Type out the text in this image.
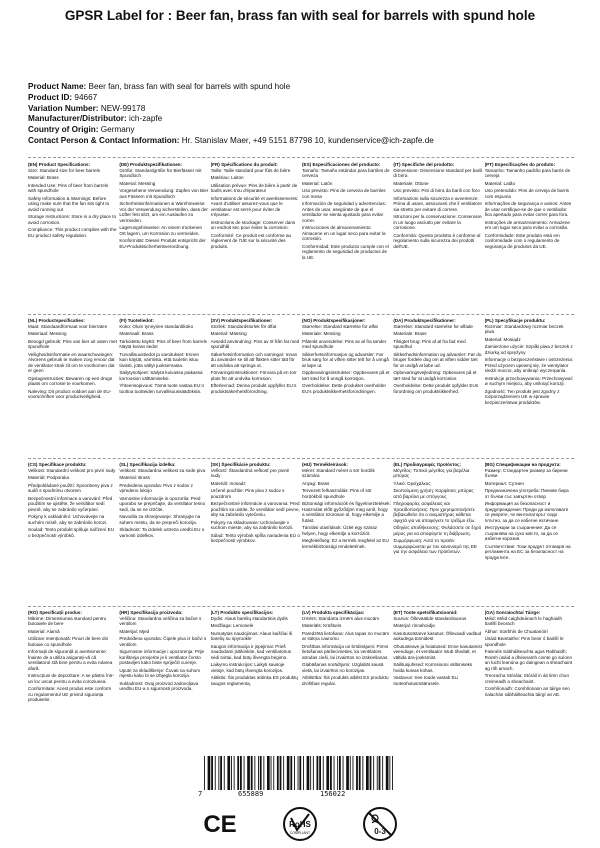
GPSR Label for : Beer fan, brass fan with seal for barrels with spund hole
Product Name: Beer fan, brass fan with seal for barrels with spund hole
Product ID: 94667
Variation Number: NEW-99178
Manufacturer/Distributor: ich-zapfe
Country of Origin: Germany
Contact Person & Contact Information: Hr. Stanislav Maer, +49 5151 87798 10, kundenservice@ich-zapfe.de
(EN) Product Specifications:

Size: Standard size for beer barrels

Material: Brass

Intended Use: Pins of beer from barrels with spundhole

Safety Information & Warnings: Before using make sure that the fan sits tight to avoid running out

Storage Instructions: Store in a dry place to avoid corrosion.

Compliance: This product complies with the EU product safety regulation.

(DE) Produktspezifikationen:

Größe: Standardgröße für Bierfässer mit Spundloch

Material: Messing

Vorgesehene Verwendung: Zapfen von Bier aus Fässern mit Spundloch

Sicherheitsinformationen & Warnhinweise: Vor der Verwendung sicherstellen, dass der Lüfter fest sitzt, um ein Auslaufen zu vermeiden.

Lagerungshinweise: An einem trockenen Ort lagern, um Korrosion zu vermeiden.

Konformität: Dieses Produkt entspricht der EU-Produktsicherheitsverordnung.

(FR) Spécifications du produit:

Taille: Taille standard pour fûts de bière

Matériau: Laiton

Utilisation prévue: Pins de bière à partir de barils avec trou d'épurateur

Informations de sécurité et avertissements: Avant d'utiliser assurez-vous que le ventilateur est serré pour éviter de s'épuiser.

Instructions de stockage: Conserver dans un endroit sec pour éviter la corrosion.

Conformité: Ce produit est conforme au règlement de l'UE sur la sécurité des produits.

(ES) Especificaciones del producto:

Tamaño: Tamaño estándar para barriles de cerveza

Material: Latón

Uso previsto: Pins de cerveza de barriles con mesa

Información de seguridad y advertencias: Antes de usar, asegúrate de que el ventilador se sienta ajustado para evitar correr.

Instrucciones de almacenamiento: Almacene en un lugar seco para evitar la corrosión.

Conformidad: Este producto cumple con el reglamento de seguridad de productos de la UE.

(IT) Specifiche del prodotto:

Dimensione: Dimensione standard per barili di birra

Materiale: Ottone

Uso previsto: Pini di birra da barili con foro

Informazioni sulla sicurezza e avvertenze: Prima di usare, assicurarsi che il ventilatore sia stretto per evitare di correre.

Istruzioni per la conservazione: Conservare in un luogo asciutto per evitare la corrosione.

Conformità: Questo prodotto è conforme al regolamento sulla sicurezza dei prodotti dell'UE.

(PT) Especificações do produto:

Tamanho: Tamanho padrão para barris de cerveja

Material: Latão

Uso pretendido: Pins de cerveja de barris com espuma

Informações de segurança e avisos: Antes de usar certifique-se de que o ventilador fica apertado para evitar correr para fora.

Instruções de armazenamento: Armazene em um lugar seco para evitar a corrosão.

Conformidade: Este produto está em conformidade com o regulamento de segurança de produtos da UE.

(NL) Productspecificaties:

Maat: Standaardformaat voor bierraten

Materiaal: Messing

Beoogd gebruik: Pins van bier uit vaten met spundhole

Veiligheidsinformatie en waarschuwingen: Alvorens gebruik te maken zorg ervoor dat de ventilator strak zit om te voorkomen dat er geen

Opslaginstructies: Bewaren op een droge plaats om corrosie te voorkomen.

Naleving: Dit product voldoet aan de EU-voorschriften voor productveiligheid.

(FI) Tuotetiedot:

Koko: Olum tynnyrien standardikoko

Materiaali: Brass

Tarkoitettu käyttö: Pins of beer from barrels Näytä koiran tiedot

Turvallisuustiedot ja varoitukset: Ennen kuin käytät, varmista, että tuuletin istuu tiiviisti, jotta vältyt juoksemasta.

Säilytysohjeet: Säilytä kuivassa paikassa korroosion välttämiseksi.

Yhteensopivuus: Tämä tuote vastaa EU:n tuottoa tuotteiden turvallisuussäädöksiä.

(SV) Produktspecifikationer:

Storlek: Standardstorlek för ölfat

Material: Mässing

Avsedd användning: Pins av öl från fat med spundhål

Säkerhetsinformation och varningar: Innan du använder se till att fläkten sitter tätt för att undvika att springa ut.

Förvaringsinstruktioner: Förvara på en torr plats för att undvika korrosion.

Efterlevnad: Denna produkt uppfyller EU:s produktsäkerhetsförordning.

(NO) Produktspesifikasjoner:

Størrelse: Standard størrelse for ølfat

Materiale: Messing

Påtenkt anvendelse: Pins av øl fra tønder med spundhole

Sikkerhetsinformasjon og advarsler: Før bruk sørg for at viften sitter tett for å unngå at løpe ut.

Oppbevaringsinstrukser: Oppbevares på et tørt sted for å unngå korrosjon.

Overholdelse: Dette produktet overholder EU's produktsikkerhetsforordningen.

(DA) Produktspecifikationer:

Størrelse: Standard størrelse for ølfade

Materiale: Brass

Tilsigtet brug: Pins af øl fra fad med spundhul

Sikkerhedsinformation og advarsler: Før du bruger fordele dog om at viften sidder tæt for at undgå at løbe ud.

Opbevaringsvejledning: Opbevares på et tørt sted for at undgå korrosion.

Overholdelse: Dette produkt opfylder EUs forordning om produktsikkerhed.

(PL) Specyfikacje produktu:

Rozmiar: Standardowy rozmiar beczek piwa

Materiał: Mosiądz

Zamierzone użycie: Szpilki piwa z beczek z dziurką od sprężyny

Informacje o bezpieczeństwie i ostrzeżenia: Przed użyciem upewnij się, że wentylator siedzi mocno, aby uniknąć wyczerpania.

Instrukcje przechowywania: Przechowywać w suchym miejscu, aby uniknąć korozji.

Zgodność: Ten produkt jest zgodny z rozporządzeniem UE w sprawie bezpieczeństwa produktów.

(CS) Specifikace produktu:

Velikost: Standardní velikost pro pivní sudy

Materiál: Podporaka

Předpokládané použití: Spoonbeny piva z sudů s spodnímu otvorem

Bezpečnostní informace a varování: Před použitím se ujistěte, že ventilátor sedí pevně, aby se zabránilo vyčerpání.

Pokyny k uskladnění: Uchovávejte na suchém místě, aby se zabránilo korozi.

Soulad: Tento produkt splňuje nařízení EU o bezpečnosti výrobků.

(SL) Specifikacija izdelka:

Velikost: Standardna velikost za sode piva

Material: Brass

Predvidena uporaba: Pivo z sodov z vpredeno luknjo

Varnostne informacije in opozorila: Pred uporabo se prepričajte, da ventilator tesno sedi, da se ne iztrčite.

Navodila za shranjevanje: Shranjujte na suhem mestu, da se prepreči korozija.

Skladnost: Ta izdelek ustreza uredbi EU o varnosti izdelkov.

(SK) Špecifikácie produktu:

Veľkosť: Štandardná veľkosť pre pivné sudy

Materiál: mosadz

Určené použitie: Pins piva z sudov s pouzdrom

Bezpečnostné informácie a varovania: Pred použitím sa uistite, že ventilátor sedí pevne, aby sa zabránilo vytečeniu.

Pokyny na skladovanie: Uchovávajte v suchom mieste, aby sa zabránilo korózii.

Súlad: Tento výrobok spĺňa nariadenia EÚ o bezpečnosti výrobkov.

(HU) Termékleírások:

Méret: Standard méret a sör hordók számára

Anyag: Brass

Tervezett felhasználás: Pins of sör hordókból spundhole

Biztonsági információk és figyelmeztetések: Használat előtt győződjön meg arról, hogy a ventilátor szorosan ül, hogy elkerülje a futást.

Tárolási utasítások: Üzlet egy száraz helyen, hogy elkerülje a korróziót.

Megfelelőség: Ez a termék megfelel az EU termékbiztonsági rendeletének.

(EL) Προδιαγραφές προϊόντος:

Μέγεθος: Τυπικό μέγεθος για βαρέλια μπύρας

Υλικό: Ορείχαλκος

Σκοπούμενη χρήση: Καρφίτσες μπύρας από βαρέλια με σπόγγους

Πληροφορίες ασφάλειας και προειδοποιήσεις: Πριν χρησιμοποιήσετε βεβαιωθείτε ότι ο ανεμιστήρας κάθεται σφιχτά για να αποφύγετε το τρέξιμο έξω.

Οδηγίες αποθήκευσης: Φυλάσσετε σε ξηρό μέρος για να αποφύγετε τη διάβρωση.

Συμμόρφωση: Αυτό το προϊόν συμμορφώνεται με τον κανονισμό της ΕΕ για την ασφάλεια των προϊόντων.

(BG) Спецификации на продукта:

Размер: Стандартен размер за бирени бъчви

Материал: Сутиен

Предназначена употреба: Пинове бира от бъчви със завъртян отвор

Информация за безопасност и предупреждения: Преди да използвате се уверете, че вентилаторът седи плътно, за да се избегне изтичане.

Инструкции за съхранение: Да се съхранява на сухо място, за да се избегне корозия.

Съответствие: Този продукт отговаря на регламента на ЕС за безопасност на продуктите.

(RO) Specificații produs:

Mărime: Dimensiunea standard pentru butoaiele de bere

Material: Alamă

Utilizare intenționată: Pinuri de bere din butoaie cu spundhole

Informații de siguranță și avertismente: Înainte de a utiliza asigurați-vă că ventilatorul stă bine pentru a evita rularea afară.

Instrucțiuni de depozitare: A se păstra într-un loc uscat pentru a evita coroziunea.

Conformitate: Acest produs este conform cu regulamentul UE privind siguranța produselor.

(HR) Specifikacija proizvoda:

Veličina: Standardna veličina za bačve s ventilom

Materijal: Mjed

Predviđena uporaba: Čipele piva iz bačvi s ventilom

Sigurnosne informacije i upozorenja: Prije korištenja provjerite je li ventilator čvrsto postavljen kako biste spriječili curenje.

Upute za skladištenje: Čuvati na suhom mjestu kako bi se izbjegla korozija.

Sukladnost: Ovaj proizvod zadovoljava uredbu EU-a o sigurnosti proizvoda.

(LT) Produkto specifikacijos:

Dydis: Alaus barelių standartinis dydis

Medžiaga: Lemonelė

Numatytas naudojimas: Alaus kaiščiai iš barelių su spyruokle

Saugos informacija ir įspėjimai: Prieš naudodami įsitikinkite, kad ventiliatorius sėdi tvirtai, kad būtų išvengta bėgimo.

Laikymo instrukcijos: Laikyti sausoje vietoje, kad būtų išvengta korozijos.

Atitiktis: Šis produktas atitinka ES produktų saugos reglamentą.

(LV) Produkta specifikācijas:

Izmērs: Standarta izmērs alus mucām

Materiāls: Krūšturis

Paredzētā lietošana: Alus tapas no mucām ar sūkņa caurumu

Drošības informācija un brīdinājumi: Pirms lietošanas pārliecinieties, ka ventilators atrodas cieši, lai izvairītos no izskriešanas.

Glabāšanas norādījumi: Uzglabāt sausā vietā, lai izvairītos no korozijas.

Atbilstība: Šis produkts atbilst ES produktu drošības regulai.

(ET) Toote spetsifikatsioonid:

Suurus: Õlleväätide standardsuurus

Materjal: rinnahoidja

Kasutusotstarve kasutus: Õllevaadi vaditud aukudega tünnidest

Ohutusteave ja hoiatused: Enne kasutamist veenduge, et ventilaator istub tihedalt, et vältida ära-jooksmist.

Säilitusjuhised: Korrosiooni vältimiseks hoida kuivas kohas.

Vastavus: See toode vastab ELi tooteohutusmäärusele.

(GA) Sonraíochtaí Táirge:

Méid: Méid caighdeánach le haghaidh bairillí beorach

Ábhar: Soirbhís de Chuatanóirí

Úsáid Beartaithe: Pins beoir ó bairillí le spundhole

Faisnéis Sábháilteachta agus Rabhaidh: Roimh úsáid a dhéanamh cinnte go suíonn an lucht leanúna go daingean a sheachaint ag rith amach.

Treoracha Stórála: Stóráil in áit tirim chun creimeadh a sheachaint.

Comhlíonadh: Comhlíonann an táirge seo rialachán sábháilteachta táirgí an AE.

7	655889	156022
CE	RoHS
COMPLIANT	0-3
